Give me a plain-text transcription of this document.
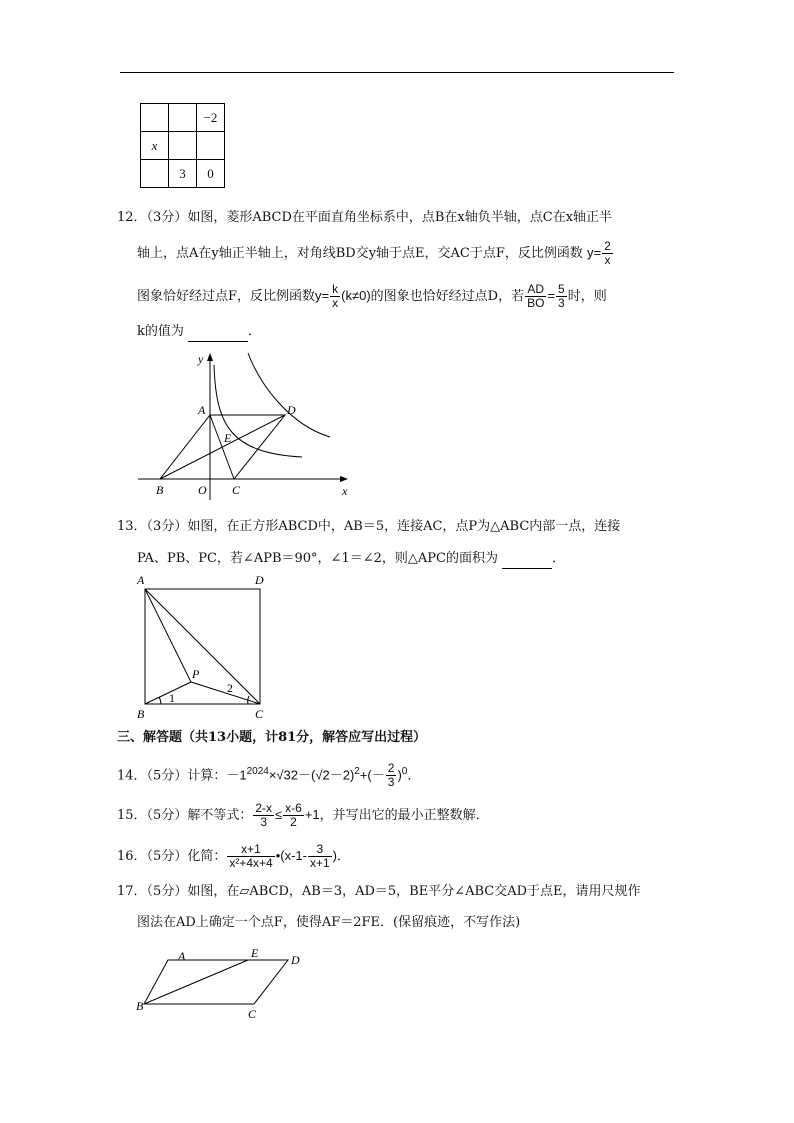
		−2
x		
	3	0
12．（3分）如图，菱形ABCD在平面直角坐标系中，点B在x轴负半轴，点C在x轴正半
轴上，点A在y轴正半轴上，对角线BD交y轴于点E，交AC于点F，反比例函数 $y= \frac{2}{x}$
图象恰好经过点F，反比例函数$y= \frac{k}{x} (k\ne 0)$的图象也恰好经过点D，若 $\frac{AD}{BO} = \frac{5}{3}$ 时，则
k的值为	．
y
x
A	D
E
B	O C
13．（3分）如图，在正方形ABCD中，AB＝5，连接AC，点P为△ABC内部一点，连接
PA、PB、PC，若∠APB＝90°，∠1＝∠2，则△APC的面积为	．
A	D
P
B	C
1
2
三、解答题（共13小题，计81分，解答应写出过程）
14．（5分）计算：$-1^{2024}\times√32-(√2-2)^2+(- \frac{2}{3} )^0$．
15．（5分）解不等式： $\frac{2-x}{3} \le \frac{x-6}{2} +1$，并写出它的最小正整数解．
16．（5分）化简： $\frac{x+1}{\text{x²+4x+4}}$ •(x-1- $\frac{3}{x+1}$ )．
17．（5分）如图，在▱ABCD，AB＝3，AD＝5，BE平分∠ABC交AD于点E，请用尺规作
图法在AD上确定一个点F，使得AF＝2FE．(保留痕迹，不写作法)
A	E	D
B
C
